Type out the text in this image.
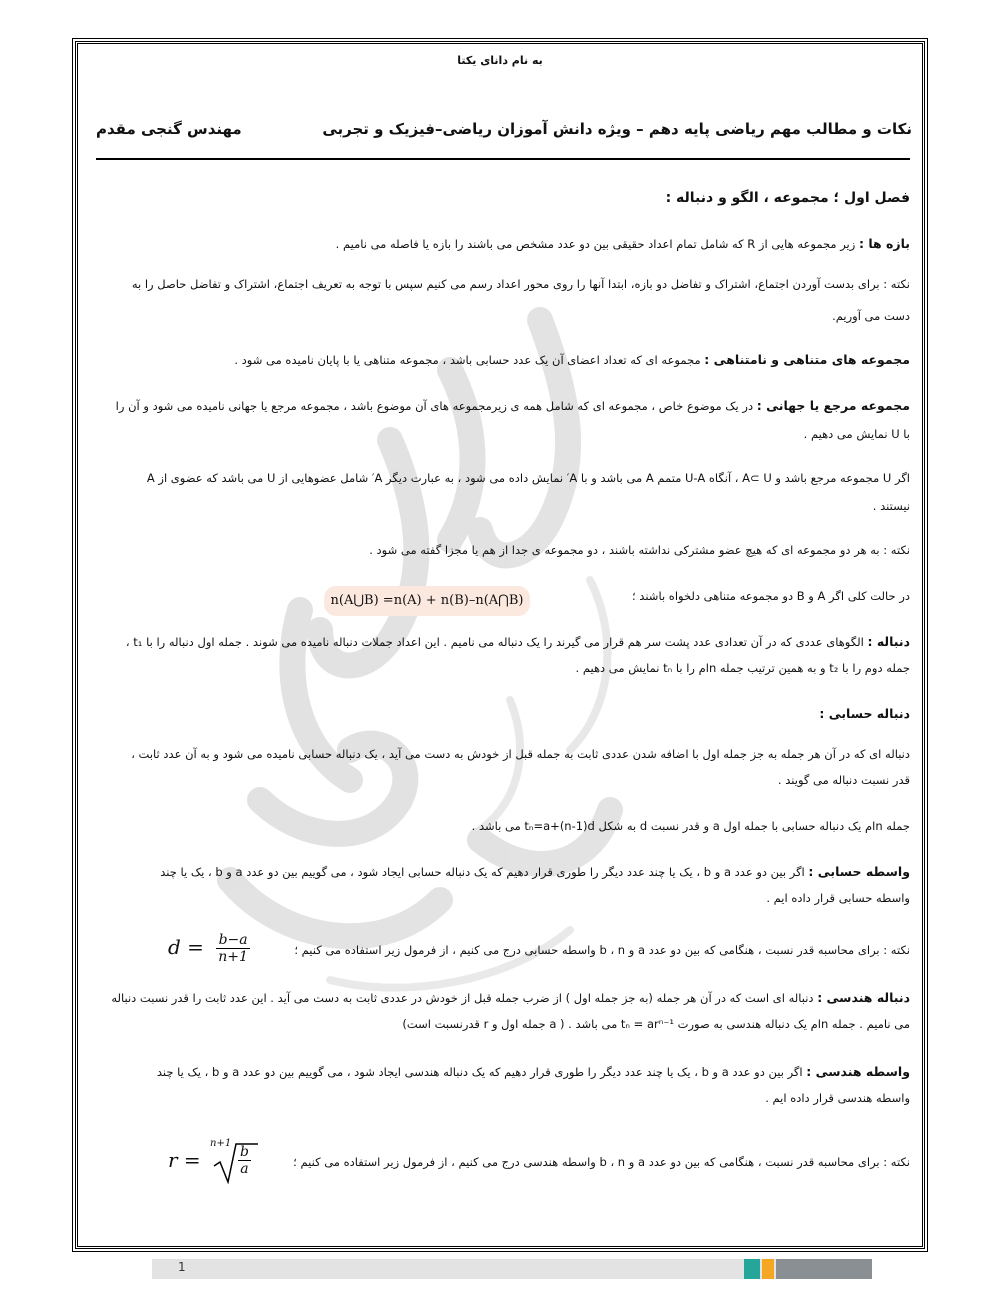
به نام دانای یکتا
نکات و مطالب مهم ریاضی پایه دهم – ویژه دانش آموزان ریاضی–فیزیک و تجربی
مهندس گنجی مقدم
فصل اول ؛ مجموعه ، الگو و دنباله :
بازه ها : زیر مجموعه هایی از R که شامل تمام اعداد حقیقی بین دو عدد مشخص می باشند را بازه یا فاصله می نامیم .
نکته : برای بدست آوردن اجتماع، اشتراک و تفاضل دو بازه، ابتدا آنها را روی محور اعداد رسم می کنیم سپس با توجه به تعریف اجتماع، اشتراک و تفاضل حاصل را به
دست می آوریم.
مجموعه های متناهی و نامتناهی : مجموعه ای که تعداد اعضای آن یک عدد حسابی باشد ، مجموعه متناهی یا با پایان نامیده می شود .
مجموعه مرجع یا جهانی : در یک موضوع خاص ، مجموعه ای که شامل همه ی زیرمجموعه های آن موضوع باشد ، مجموعه مرجع یا جهانی نامیده می شود و آن را
با U نمایش می دهیم .
اگر U مجموعه مرجع باشد و A⊂ U ، آنگاه U-A متمم A می باشد و با A′ نمایش داده می شود ، به عبارت دیگر A′ شامل عضوهایی از U می باشد که عضوی از A
نیستند .
نکته : به هر دو مجموعه ای که هیچ عضو مشترکی نداشته باشند ، دو مجموعه ی جدا از هم یا مجزا گفته می شود .
در حالت کلی اگر A و B دو مجموعه متناهی دلخواه باشند ؛
n(A⋃B) =n(A) + n(B)–n(A⋂B)
دنباله : الگوهای عددی که در آن تعدادی عدد پشت سر هم قرار می گیرند را یک دنباله می نامیم . این اعداد جملات دنباله نامیده می شوند . جمله اول دنباله را با t₁ ،
جمله دوم را با t₂ و به همین ترتیب جمله nام را با tₙ نمایش می دهیم .
دنباله حسابی :
دنباله ای که در آن هر جمله به جز جمله اول با اضافه شدن عددی ثابت به جمله قبل از خودش به دست می آید ، یک دنباله حسابی نامیده می شود و به آن عدد ثابت ،
قدر نسبت دنباله می گویند .
جمله nام یک دنباله حسابی با جمله اول a و قدر نسبت d به شکل tₙ=a+(n-1)d می باشد .
واسطه حسابی : اگر بین دو عدد a و b ، یک یا چند عدد دیگر را طوری قرار دهیم که یک دنباله حسابی ایجاد شود ، می گوییم بین دو عدد a و b ، یک یا چند
واسطه حسابی قرار داده ایم .
نکته : برای محاسبه قدر نسبت ، هنگامی که بین دو عدد a و b ، n واسطه حسابی درج می کنیم ، از فرمول زیر استفاده می کنیم ؛
دنباله هندسی : دنباله ای است که در آن هر جمله (به جز جمله اول ) از ضرب جمله قبل از خودش در عددی ثابت به دست می آید . این عدد ثابت را قدر نسبت دنباله
می نامیم . جمله nام یک دنباله هندسی به صورت tₙ = arⁿ⁻¹ می باشد . ( a جمله اول و r قدرنسبت است)
واسطه هندسی : اگر بین دو عدد a و b ، یک یا چند عدد دیگر را طوری قرار دهیم که یک دنباله هندسی ایجاد شود ، می گوییم بین دو عدد a و b ، یک یا چند
واسطه هندسی قرار داده ایم .
نکته : برای محاسبه قدر نسبت ، هنگامی که بین دو عدد a و b ، n واسطه هندسی درج می کنیم ، از فرمول زیر استفاده می کنیم ؛
$d = \frac{b-a}{n+1}$
r =
n+1
$\frac{b}{a}$
1
